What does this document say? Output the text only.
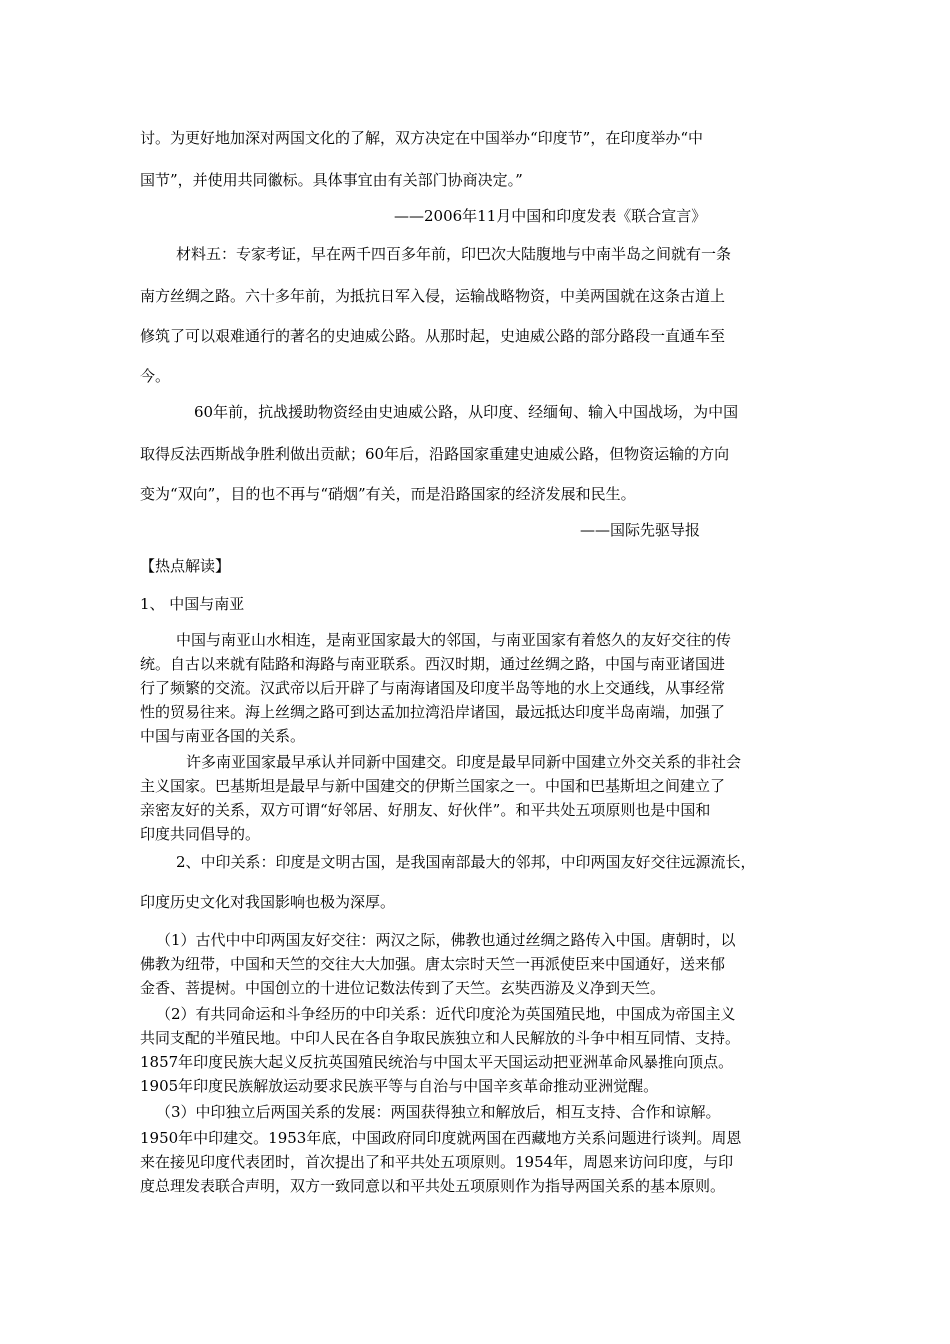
讨。为更好地加深对两国文化的了解，双方决定在中国举办“印度节”，在印度举办“中
国节”，并使用共同徽标。具体事宜由有关部门协商决定。”
——2006年11月中国和印度发表《联合宣言》
材料五：专家考证，早在两千四百多年前，印巴次大陆腹地与中南半岛之间就有一条
南方丝绸之路。六十多年前，为抵抗日军入侵，运输战略物资，中美两国就在这条古道上
修筑了可以艰难通行的著名的史迪威公路。从那时起，史迪威公路的部分路段一直通车至
今。
60年前，抗战援助物资经由史迪威公路，从印度、经缅甸、输入中国战场，为中国
取得反法西斯战争胜利做出贡献；60年后，沿路国家重建史迪威公路，但物资运输的方向
变为“双向”，目的也不再与“硝烟”有关，而是沿路国家的经济发展和民生。
——国际先驱导报
【热点解读】
1、 中国与南亚
中国与南亚山水相连，是南亚国家最大的邻国，与南亚国家有着悠久的友好交往的传
统。自古以来就有陆路和海路与南亚联系。西汉时期，通过丝绸之路，中国与南亚诸国进
行了频繁的交流。汉武帝以后开辟了与南海诸国及印度半岛等地的水上交通线，从事经常
性的贸易往来。海上丝绸之路可到达孟加拉湾沿岸诸国，最远抵达印度半岛南端，加强了
中国与南亚各国的关系。
许多南亚国家最早承认并同新中国建交。印度是最早同新中国建立外交关系的非社会
主义国家。巴基斯坦是最早与新中国建交的伊斯兰国家之一。中国和巴基斯坦之间建立了
亲密友好的关系，双方可谓“好邻居、好朋友、好伙伴”。和平共处五项原则也是中国和
印度共同倡导的。
2、中印关系：印度是文明古国，是我国南部最大的邻邦，中印两国友好交往远源流长，
印度历史文化对我国影响也极为深厚。
（1）古代中中印两国友好交往：两汉之际，佛教也通过丝绸之路传入中国。唐朝时，以
佛教为纽带，中国和天竺的交往大大加强。唐太宗时天竺一再派使臣来中国通好，送来郁
金香、菩提树。中国创立的十进位记数法传到了天竺。玄奘西游及义净到天竺。
（2）有共同命运和斗争经历的中印关系：近代印度沦为英国殖民地，中国成为帝国主义
共同支配的半殖民地。中印人民在各自争取民族独立和人民解放的斗争中相互同情、支持。
1857年印度民族大起义反抗英国殖民统治与中国太平天国运动把亚洲革命风暴推向顶点。
1905年印度民族解放运动要求民族平等与自治与中国辛亥革命推动亚洲觉醒。
（3）中印独立后两国关系的发展：两国获得独立和解放后，相互支持、合作和谅解。
1950年中印建交。1953年底，中国政府同印度就两国在西藏地方关系问题进行谈判。周恩
来在接见印度代表团时，首次提出了和平共处五项原则。1954年，周恩来访问印度，与印
度总理发表联合声明，双方一致同意以和平共处五项原则作为指导两国关系的基本原则。
